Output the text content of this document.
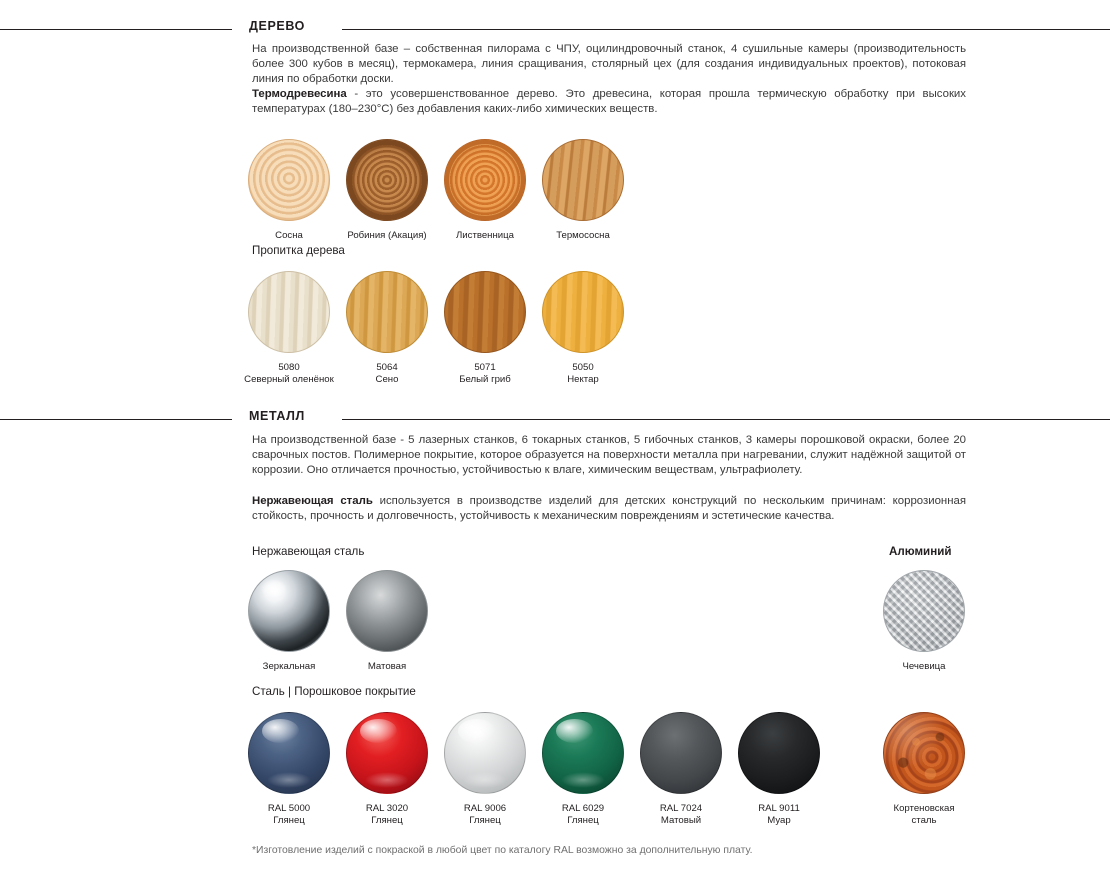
ДЕРЕВО
На производственной базе – собственная пилорама с ЧПУ, оцилиндровочный станок, 4 сушильные камеры (производительность более 300 кубов в месяц), термокамера, линия сращивания, столярный цех (для создания индивидуальных проектов), потоковая линия по обработки доски.
Термодревесина - это усовершенствованное дерево. Это древесина, которая прошла термическую обработку при высоких температурах (180–230°С) без добавления каких-либо химических веществ.
Сосна	Робиния (Акация)	Лиственница	Термососна
Пропитка дерева
5080
Северный оленёнок
5064
Сено
5071
Белый гриб
5050
Нектар
МЕТАЛЛ
На производственной базе - 5 лазерных станков, 6 токарных станков, 5 гибочных станков, 3 камеры порошковой окраски, более 20 сварочных постов. Полимерное покрытие, которое образуется на поверхности металла при нагревании, служит надёжной защитой от коррозии. Оно отличается прочностью, устойчивостью к влаге, химическим веществам, ультрафиолету.
Нержавеющая сталь используется в производстве изделий для детских конструкций по нескольким причинам: коррозионная стойкость, прочность и долговечность, устойчивость к механическим повреждениям и эстетические качества.
Нержавеющая сталь	Алюминий
Зеркальная	Матовая	Чечевица
Сталь | Порошковое покрытие
RAL 5000
Глянец
RAL 3020
Глянец
RAL 9006
Глянец
RAL 6029
Глянец
RAL 7024
Матовый
RAL 9011
Муар
Кортеновская
сталь
*Изготовление изделий с покраской в любой цвет по каталогу RAL возможно за дополнительную плату.
